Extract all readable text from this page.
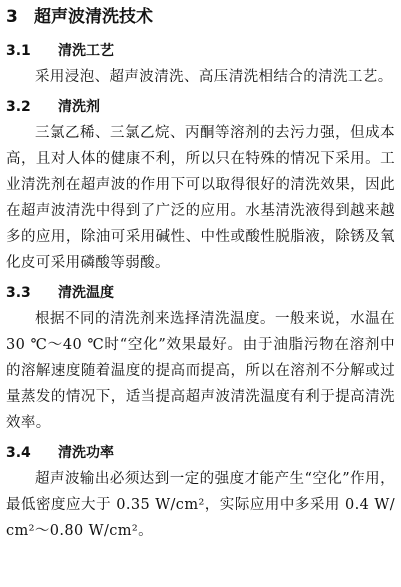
3 超声波清洗技术
3.1 清洗工艺

采用浸泡、超声波清洗、高压清洗相结合的清洗工艺。

3.2 清洗剂

三氯乙稀、三氯乙烷、丙酮等溶剂的去污力强，但成本高，且对人体的健康不利，所以只在特殊的情况下采用。工业清洗剂在超声波的作用下可以取得很好的清洗效果，因此在超声波清洗中得到了广泛的应用。水基清洗液得到越来越多的应用，除油可采用碱性、中性或酸性脱脂液，除锈及氧化皮可采用磷酸等弱酸。

3.3 清洗温度

根据不同的清洗剂来选择清洗温度。一般来说，水温在 30 ℃～40 ℃时“空化”效果最好。由于油脂污物在溶剂中的溶解速度随着温度的提高而提高，所以在溶剂不分解或过量蒸发的情况下，适当提高超声波清洗温度有利于提高清洗效率。

3.4 清洗功率

超声波输出必须达到一定的强度才能产生“空化”作用，最低密度应大于 0.35 W/cm²，实际应用中多采用 0.4 W/cm²～0.80 W/cm²。
